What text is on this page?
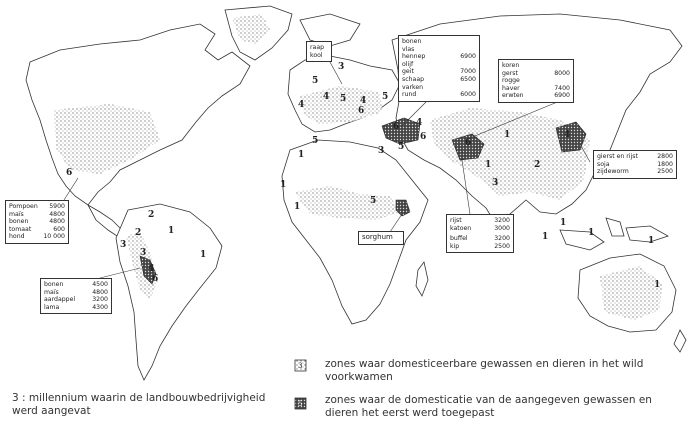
3
5
raap
kool
bonen
vlas
hennep	6900
olijf
geit	7000
schaap	6500
varken
rund	6000
koren
gerst	8000
rogge
haver	7400
erwten	6900
gierst en rijst	2800
soja	1800
zijdeworm	2500
rijst	3200
katoen	3000
buffel	3200
kip	2500
sorghum
Pompoen	5900
maïs	4800
bonen	4800
tomaat	600
hond	10 000
bonen	4500
maïs	4800
aardappel	3200
lama	4300
3
4
5
5	5
4
6
6
1
5	6
4
3
2
1
1	4
6
3
1
5
1
2
3
1
1
1
6
1
2
1
3
4
5
1
1
4
6
3 : millennium waarin de landbouwbedrijvigheid werd aangevat
zones waar domesticeerbare gewassen en dieren in het wild voorkwamen
zones waar de domesticatie van de aangegeven gewassen en dieren het eerst werd toegepast
